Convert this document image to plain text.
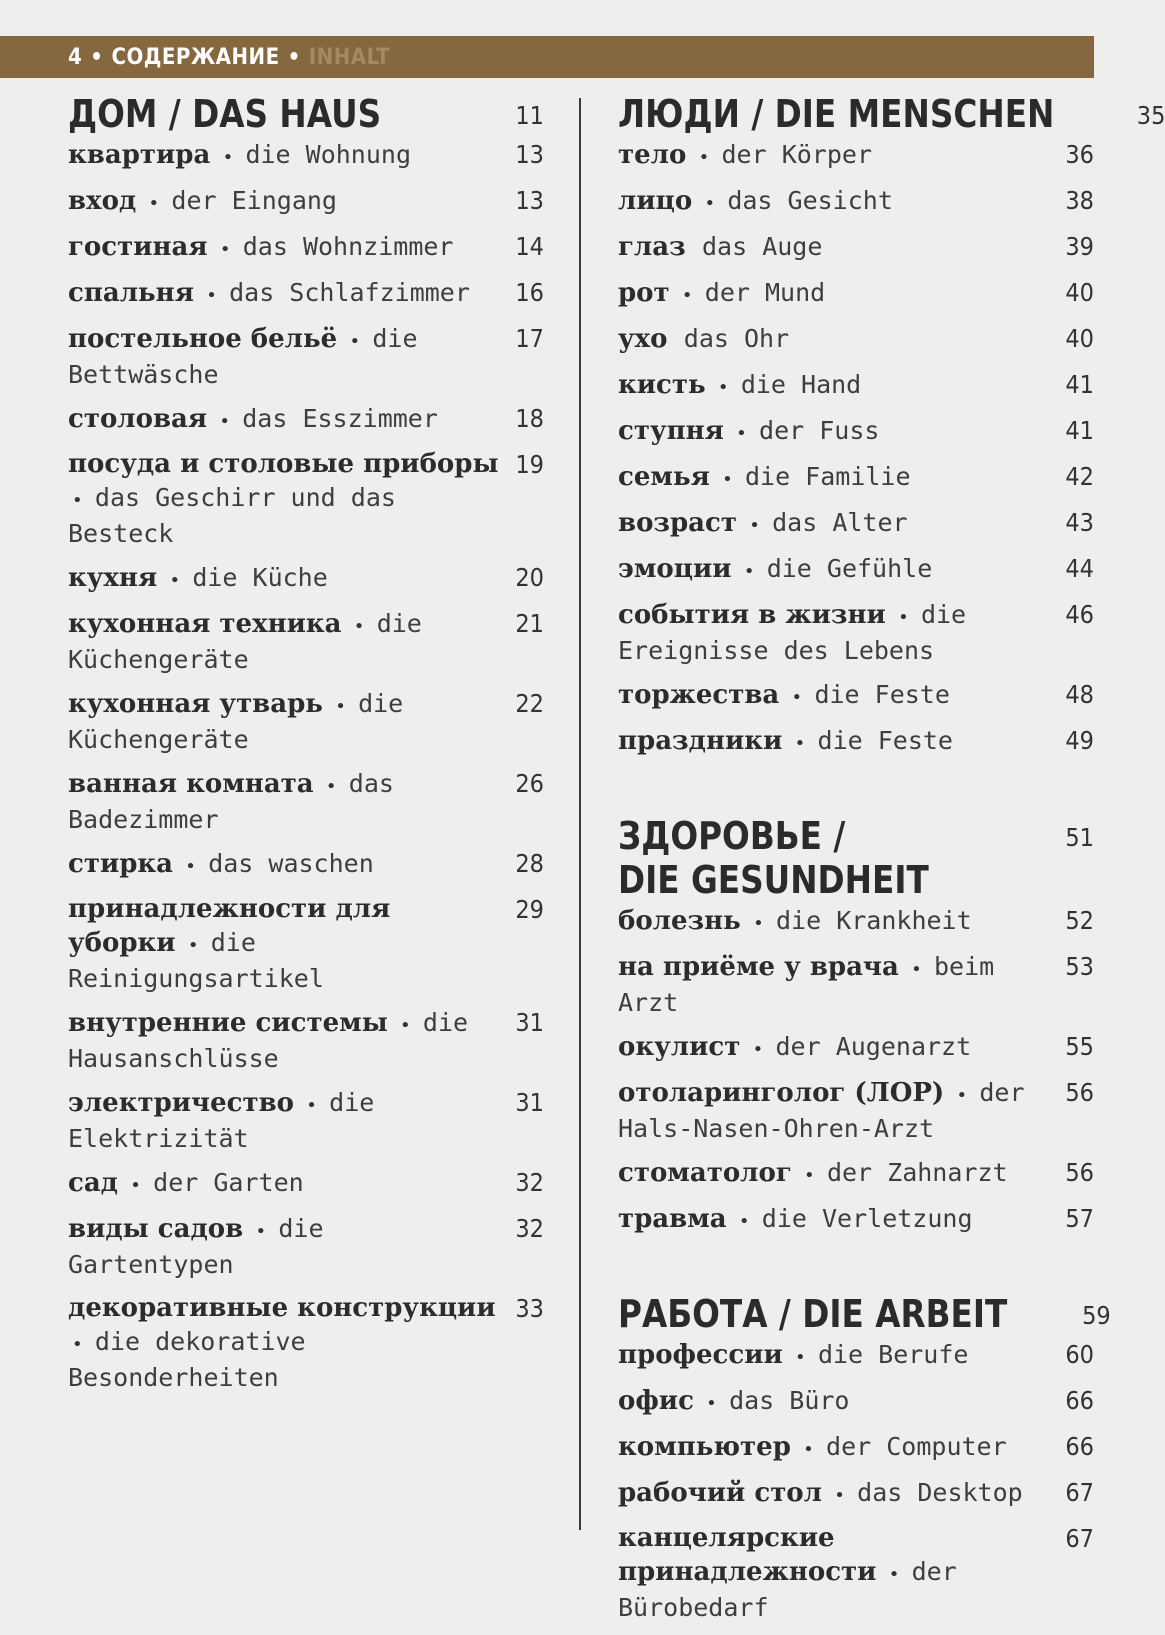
4 • СОДЕРЖАНИЕ • INHALT
ДОМ / DAS HAUS	11
квартира • die Wohnung	13
вход • der Eingang	13
гостиная • das Wohnzimmer	14
спальня • das Schlafzimmer	16
постельное бельё • die Bettwäsche
17
столовая • das Esszimmer	18
посуда и столовые приборы • das Geschirr und das Besteck
19
кухня • die Küche	20
кухонная техника • die Küchengeräte
21
кухонная утварь • die Küchengeräte
22
ванная комната • das Badezimmer
26
стирка • das waschen	28
принадлежности для уборки • die Reinigungsartikel
29
внутренние системы • die Hausanschlüsse
31
электричество • die Elektrizität
31
сад • der Garten	32
виды садов • die Gartentypen
32
декоративные конструкции • die dekorative Besonderheiten
33
ЛЮДИ / DIE MENSCHEN	35
тело • der Körper	36
лицо • das Gesicht	38
глаз das Auge	39
рот • der Mund	40
ухо das Ohr	40
кисть • die Hand	41
ступня • der Fuss	41
семья • die Familie	42
возраст • das Alter	43
эмоции • die Gefühle	44
события в жизни • die Ereignisse des Lebens
46
торжества • die Feste	48
праздники • die Feste	49
ЗДОРОВЬЕ /
DIE GESUNDHEIT
51
болезнь • die Krankheit	52
на приёме у врача • beim Arzt
53
окулист • der Augenarzt	55
отоларинголог (ЛОР) • der Hals-Nasen-Ohren-Arzt
56
стоматолог • der Zahnarzt	56
травма • die Verletzung	57
РАБОТА / DIE ARBEIT	59
профессии • die Berufe	60
офис • das Büro	66
компьютер • der Computer	66
рабочий стол • das Desktop	67
канцелярские принадлежности • der Bürobedarf
67
